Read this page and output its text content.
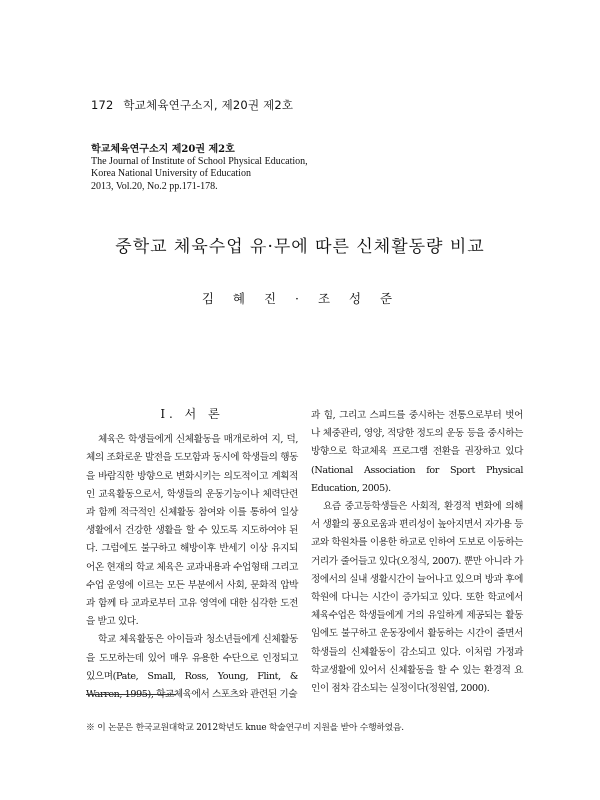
172 학교체육연구소지, 제20권 제2호
학교체육연구소지 제20권 제2호
The Journal of Institute of School Physical Education,
Korea National University of Education
2013, Vol.20, No.2 pp.171-178.
중학교 체육수업 유·무에 따른 신체활동량 비교
김 혜 진 · 조 성 준
Ⅰ. 서 론

체육은 학생들에게 신체활동을 매개로하여 지, 덕, 체의 조화로운 발전을 도모함과 동시에 학생들의 행동을 바람직한 방향으로 변화시키는 의도적이고 계획적인 교육활동으로서, 학생들의 운동기능이나 체력단련과 함께 적극적인 신체활동 참여와 이를 통하여 일상생활에서 건강한 생활을 할 수 있도록 지도하여야 된다. 그럼에도 불구하고 해방이후 반세기 이상 유지되어온 현재의 학교 체육은 교과내용과 수업형태 그리고 수업 운영에 이르는 모든 부분에서 사회, 문화적 압박과 함께 타 교과로부터 고유 영역에 대한 심각한 도전을 받고 있다.

학교 체육활동은 아이들과 청소년들에게 신체활동을 도모하는데 있어 매우 유용한 수단으로 인정되고 있으며(Pate, Small, Ross, Young, Flint, & Warren, 1995), 학교체육에서 스포츠와 관련된 기술

과 힘, 그리고 스피드를 중시하는 전통으로부터 벗어나 체중관리, 영양, 적당한 정도의 운동 등을 중시하는 방향으로 학교체육 프로그램 전환을 권장하고 있다(National Association for Sport Physical Education, 2005).

요즘 중고등학생들은 사회적, 환경적 변화에 의해서 생활의 풍요로움과 편리성이 높아지면서 자가용 등교와 학원차를 이용한 하교로 인하여 도보로 이동하는 거리가 줄어들고 있다(오정식, 2007). 뿐만 아니라 가정에서의 실내 생활시간이 늘어나고 있으며 방과 후에 학원에 다니는 시간이 증가되고 있다. 또한 학교에서 체육수업은 학생들에게 거의 유일하게 제공되는 활동 임에도 불구하고 운동장에서 활동하는 시간이 줄면서 학생들의 신체활동이 감소되고 있다. 이처럼 가정과 학교생활에 있어서 신체활동을 할 수 있는 환경적 요인이 점차 감소되는 실정이다(정원엽, 2000).

※ 이 논문은 한국교원대학교 2012학년도 knue 학술연구비 지원을 받아 수행하였음.
